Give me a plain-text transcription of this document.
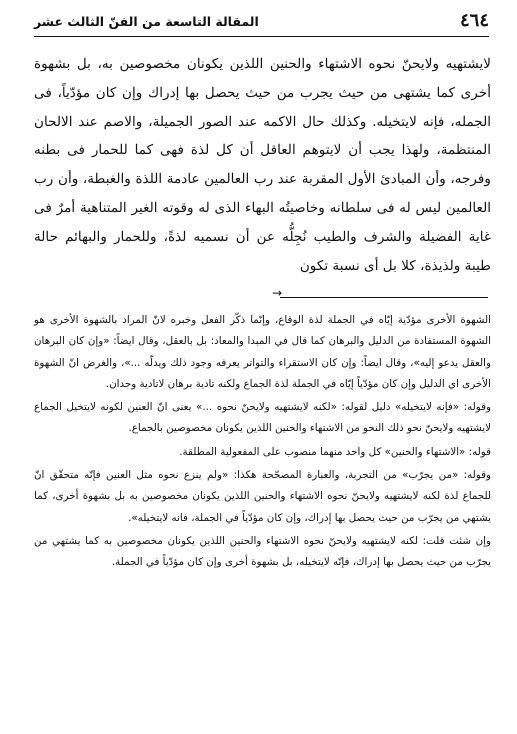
٤٦٤
المقالة التاسعة من الفنّ الثالث عشر

لايشتهيه ولايحنّ نحوه الاشتهاء والحنين اللذين يكونان مخصوصين به، بل بشهوة أخرى كما يشتهى من حيث يجرب من حيث يحصل بها إدراك وإن كان مؤدّياً، فى الجمله، فإنه لايتخيله. وكذلك حال الاكمه عند الصور الجميلة، والاصم عند الالحان المنتظمة، ولهذا يجب أن لايتوهم العاقل أن كل لذة فهى كما للحمار فى بطنه وفرجه، وأن المبادئ الأول المقربة عند رب العالمين عادمة اللذة والغبطة، وأن رب العالمين ليس له فى سلطانه وخاصيتُه البهاء الذى له وقوته الغير المتناهية أمرٌ فى غاية الفضيلة والشرف والطيب نُجِلُّه عن أن نسميه لذةً، وللحمار والبهائم حالة طيبة ولذيذة، كلا بل أى نسبة تكون

→

الشهوة الأخرى مؤدّية إيّاه في الجملة لذة الوقاع، وإنّما ذكّر الفعل وخبره لانّ المراد بالشهوة الأخرى هو الشهوة المستفادة من الدليل والبرهان كما قال في المبدا والمعاد: بل بالعقل، وقال ايضاً: «وإن كان البرهان والعقل يدعو إليه»، وقال ايضاً: وإن كان الاستقراء والتواتر يعرفه وجود ذلك ويدلّه ...»، والغرض انّ الشهوة الأخرى اي الدليل وإن كان مؤدّياً إيّاه في الجملة لذة الجماع ولكنه تادية برهان لاتادية وجدان.

وقوله: «فإنه لايتخيله» دليل لقوله: «لكنه لايشتهيه ولايحنّ نحوه ...» يعنى انّ العنين لكونه لايتخيل الجماع لايشتهيه ولايحنّ نحو ذلك النحو من الاشتهاء والحنين اللذين يكونان مخصوصين بالجماع.

قوله: «الاشتهاء والحنين» كل واحد منهما منصوب على المفعولية المطلقة.

وقوله: «من يجرّب» من التجربة، والعبارة المصحّحة هكذا: «ولم ينزع نحوه مثل العنين فإنّه متحقّق انّ للجماع لذة لكنه لايشتهيه ولايحنّ نحوه الاشتهاء والحنين اللذين يكونان مخصوصين به بل بشهوة أخرى، كما يشتهي من يجرّب من حيث يحصل بها إدراك، وإن كان مؤدّياً في الجملة، فانه لايتخيله».

وإن شئت قلت: لكنه لايشتهيه ولايحنّ نحوه الاشتهاء والحنين اللذين يكونان مخصوصين به كما يشتهي من يجرّب من حيث يحصل بها إدراك، فإنّه لايتخيله، بل بشهوة أخرى وإن كان مؤدّياً في الجملة.
